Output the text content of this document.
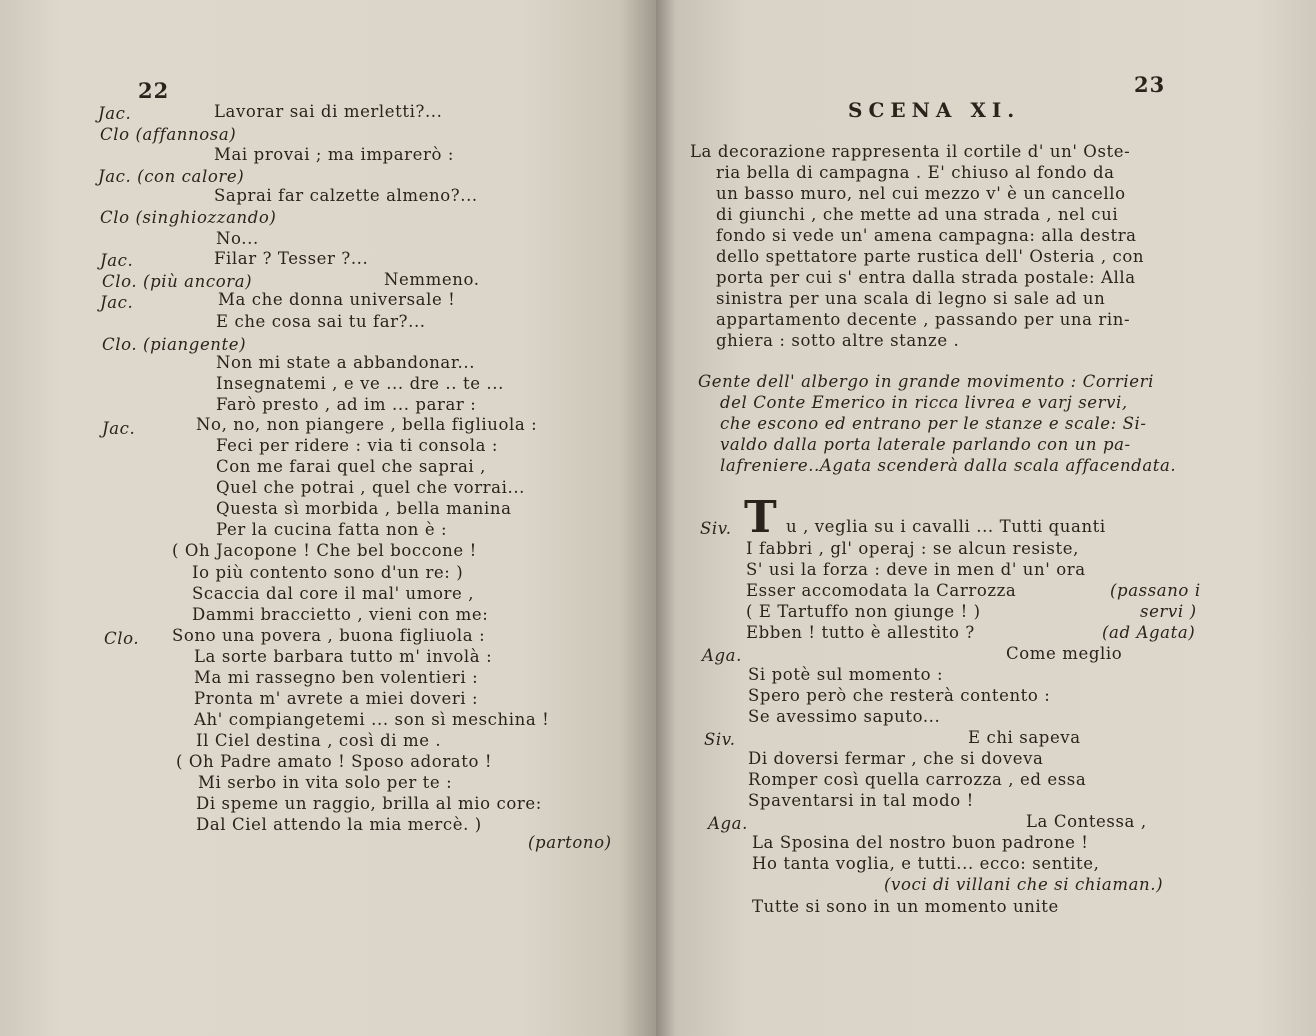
22
Jac.	Lavorar sai di merletti?...
Clo (affannosa)
Mai provai ; ma imparerò :
Jac. (con calore)
Saprai far calzette almeno?...
Clo (singhiozzando)
No...
Jac.	Filar ? Tesser ?...
Clo. (più ancora)	Nemmeno.
Jac.	Ma che donna universale !
E che cosa sai tu far?...
Clo. (piangente)
Non mi state a abbandonar...
Insegnatemi , e ve ... dre .. te ...
Farò presto , ad im ... parar :
Jac.	No, no, non piangere , bella figliuola :
Feci per ridere : via ti consola :
Con me farai quel che saprai ,
Quel che potrai , quel che vorrai...
Questa sì morbida , bella manina
Per la cucina fatta non è :
( Oh Jacopone ! Che bel boccone !
Io più contento sono d'un re: )
Scaccia dal core il mal' umore ,
Dammi braccietto , vieni con me:
Clo. Sono una povera , buona figliuola :
La sorte barbara tutto m' involà :
Ma mi rassegno ben volentieri :
Pronta m' avrete a miei doveri :
Ah' compiangetemi ... son sì meschina !
Il Ciel destina , così di me .
( Oh Padre amato ! Sposo adorato !
Mi serbo in vita solo per te :
Di speme un raggio, brilla al mio core:
Dal Ciel attendo la mia mercè. )
(partono)
23
SCENA XI.
T
La decorazione rappresenta il cortile d' un' Oste-
ria bella di campagna . E' chiuso al fondo da
un basso muro, nel cui mezzo v' è un cancello
di giunchi , che mette ad una strada , nel cui
fondo si vede un' amena campagna: alla destra
dello spettatore parte rustica dell' Osteria , con
porta per cui s' entra dalla strada postale: Alla
sinistra per una scala di legno si sale ad un
appartamento decente , passando per una rin-
ghiera : sotto altre stanze .
Gente dell' albergo in grande movimento : Corrieri
del Conte Emerico in ricca livrea e varj servi,
che escono ed entrano per le stanze e scale: Si-
valdo dalla porta laterale parlando con un pa-
lafreniere..Agata scenderà dalla scala affacendata.
Siv.	u , veglia su i cavalli ... Tutti quanti
I fabbri , gl' operaj : se alcun resiste,
S' usi la forza : deve in men d' un' ora
Esser accomodata la Carrozza	(passano i
( E Tartuffo non giunge ! )	servi )
Ebben ! tutto è allestito ?	(ad Agata)
Aga.	Come meglio
Si potè sul momento :
Spero però che resterà contento :
Se avessimo saputo...
Siv.	E chi sapeva
Di doversi fermar , che si doveva
Romper così quella carrozza , ed essa
Spaventarsi in tal modo !
Aga.	La Contessa ,
La Sposina del nostro buon padrone !
Ho tanta voglia, e tutti... ecco: sentite,
(voci di villani che si chiaman.)
Tutte si sono in un momento unite
